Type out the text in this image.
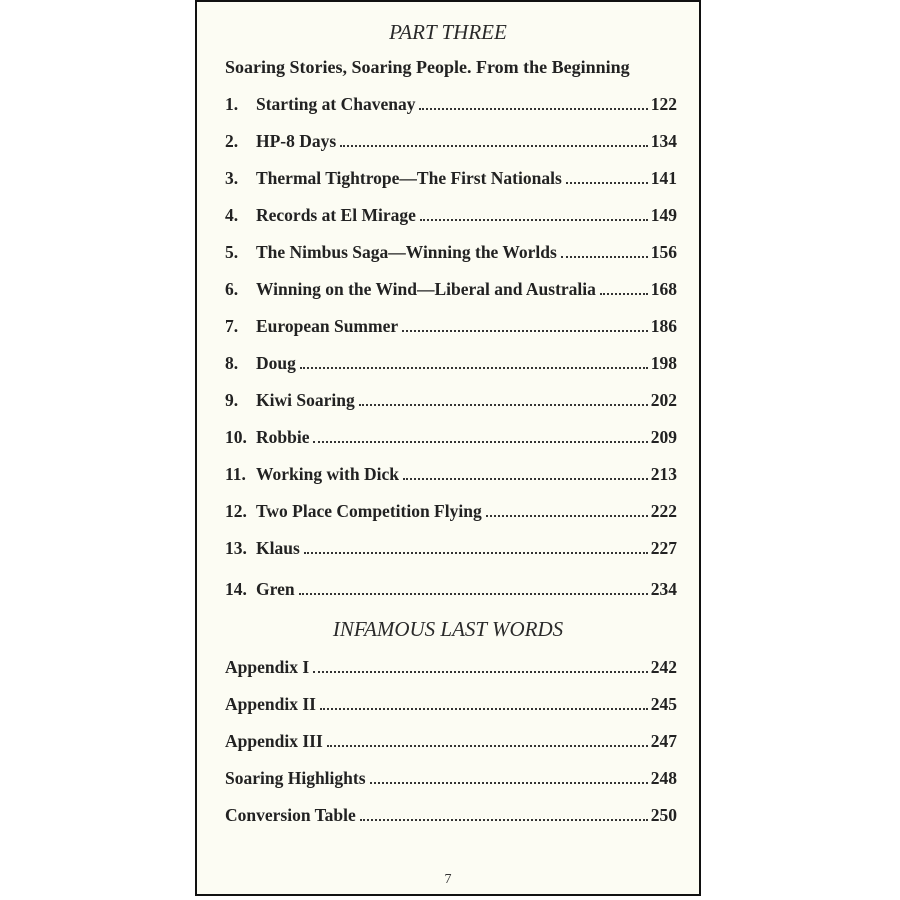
PART THREE
Soaring Stories, Soaring People. From the Beginning
1.	Starting at Chavenay	122
2.	HP-8 Days	134
3.	Thermal Tightrope—The First Nationals	141
4.	Records at El Mirage	149
5.	The Nimbus Saga—Winning the Worlds	156
6.	Winning on the Wind—Liberal and Australia	168
7.	European Summer	186
8.	Doug	198
9.	Kiwi Soaring	202
10. Robbie	209
11. Working with Dick	213
12. Two Place Competition Flying	222
13. Klaus	227
14. Gren	234
INFAMOUS LAST WORDS
Appendix I	242
Appendix II	245
Appendix III	247
Soaring Highlights	248
Conversion Table	250
7
